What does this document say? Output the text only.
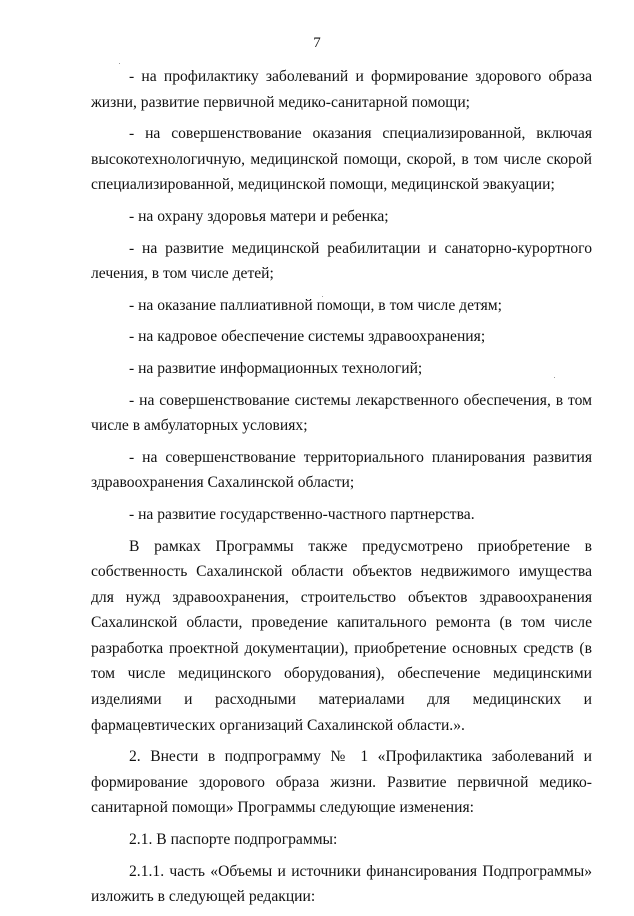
7

- на профилактику заболеваний и формирование здорового образа жизни, развитие первичной медико-санитарной помощи;

- на совершенствование оказания специализированной, включая высокотехнологичную, медицинской помощи, скорой, в том числе скорой специализированной, медицинской помощи, медицинской эвакуации;

- на охрану здоровья матери и ребенка;

- на развитие медицинской реабилитации и санаторно-курортного лечения, в том числе детей;

- на оказание паллиативной помощи, в том числе детям;

- на кадровое обеспечение системы здравоохранения;

- на развитие информационных технологий;

- на совершенствование системы лекарственного обеспечения, в том числе в амбулаторных условиях;

- на совершенствование территориального планирования развития здравоохранения Сахалинской области;

- на развитие государственно-частного партнерства.

В рамках Программы также предусмотрено приобретение в собственность Сахалинской области объектов недвижимого имущества для нужд здравоохранения, строительство объектов здравоохранения Сахалинской области, проведение капитального ремонта (в том числе разработка проектной документации), приобретение основных средств (в том числе медицинского оборудования), обеспечение медицинскими изделиями и расходными материалами для медицинских и фармацевтических организаций Сахалинской области.».

2. Внести в подпрограмму № 1 «Профилактика заболеваний и формирование здорового образа жизни. Развитие первичной медико-санитарной помощи» Программы следующие изменения:

2.1. В паспорте подпрограммы:

2.1.1. часть «Объемы и источники финансирования Подпрограммы» изложить в следующей редакции:
